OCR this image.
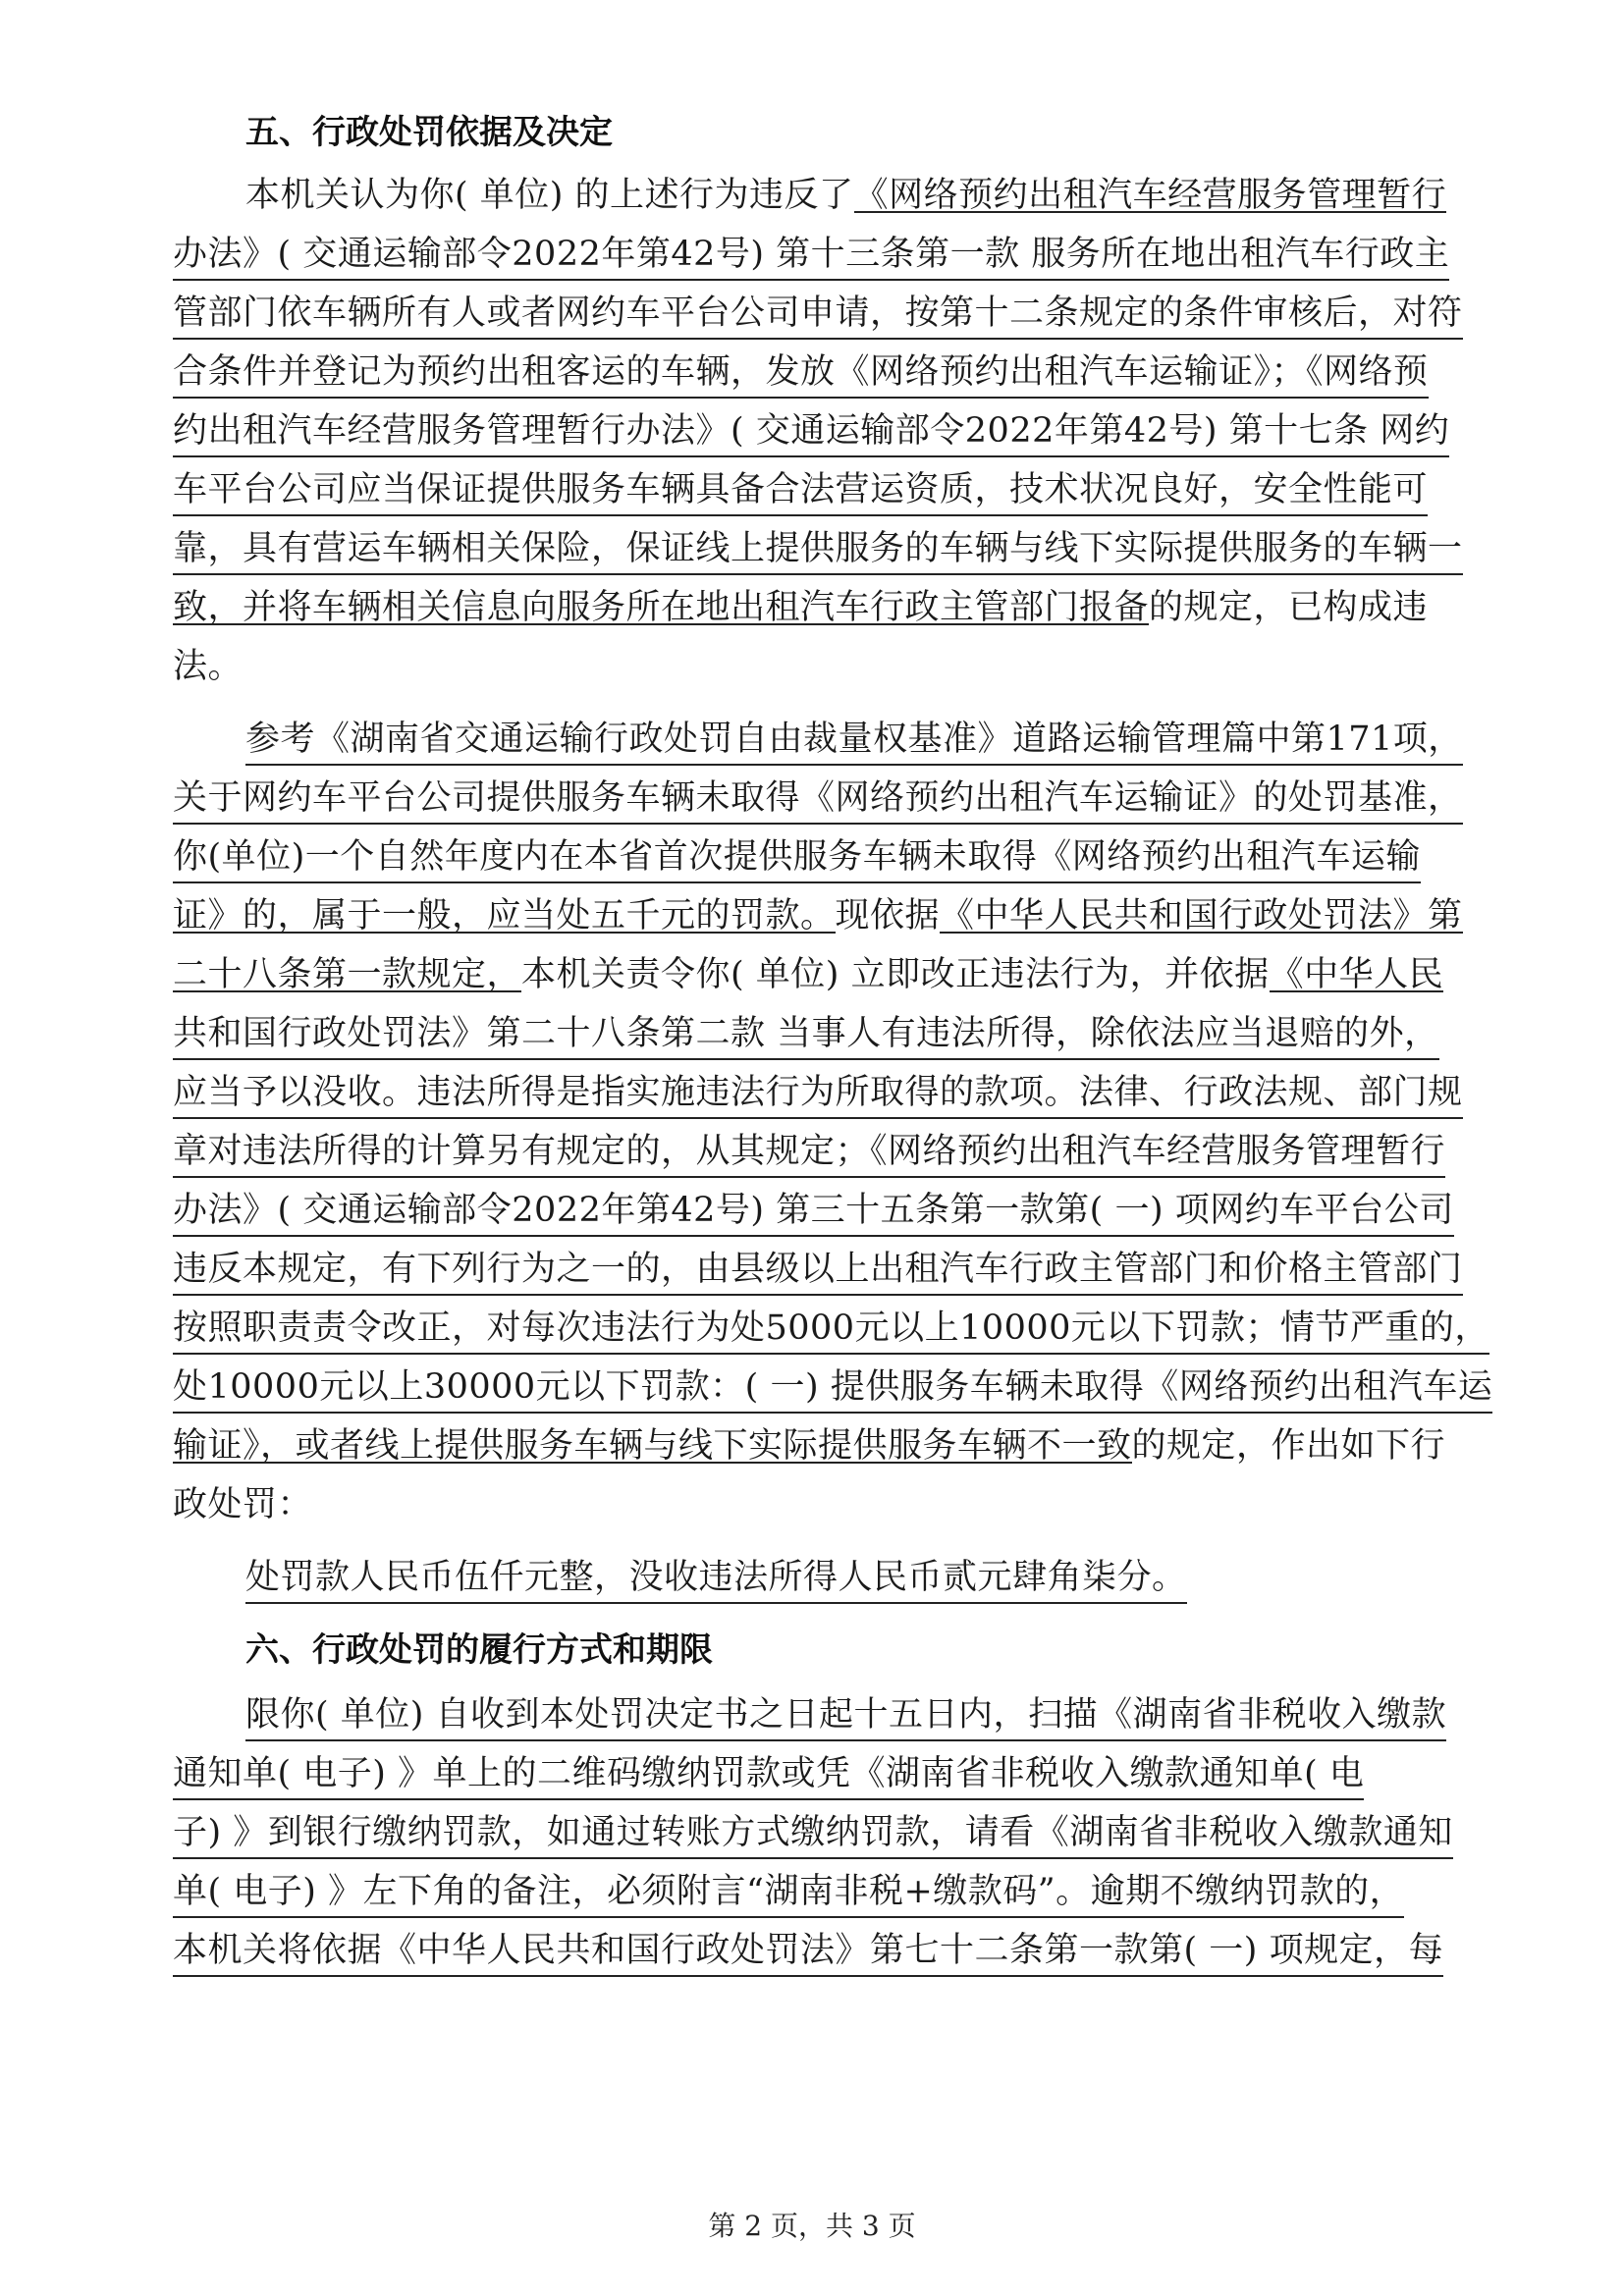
五、行政处罚依据及决定
本机关认为你( 单位) 的上述行为违反了《网络预约出租汽车经营服务管理暂行
办法》( 交通运输部令2022年第42号) 第十三条第一款 服务所在地出租汽车行政主
管部门依车辆所有人或者网约车平台公司申请，按第十二条规定的条件审核后，对符
合条件并登记为预约出租客运的车辆，发放《网络预约出租汽车运输证》；《网络预
约出租汽车经营服务管理暂行办法》( 交通运输部令2022年第42号) 第十七条 网约
车平台公司应当保证提供服务车辆具备合法营运资质，技术状况良好，安全性能可
靠，具有营运车辆相关保险，保证线上提供服务的车辆与线下实际提供服务的车辆一
致，并将车辆相关信息向服务所在地出租汽车行政主管部门报备的规定，已构成违
法。
参考《湖南省交通运输行政处罚自由裁量权基准》道路运输管理篇中第171项，
关于网约车平台公司提供服务车辆未取得《网络预约出租汽车运输证》的处罚基准，
你(单位)一个自然年度内在本省首次提供服务车辆未取得《网络预约出租汽车运输
证》的，属于一般，应当处五千元的罚款。现依据《中华人民共和国行政处罚法》第
二十八条第一款规定，本机关责令你( 单位) 立即改正违法行为，并依据《中华人民
共和国行政处罚法》第二十八条第二款 当事人有违法所得，除依法应当退赔的外，
应当予以没收。违法所得是指实施违法行为所取得的款项。法律、行政法规、部门规
章对违法所得的计算另有规定的，从其规定；《网络预约出租汽车经营服务管理暂行
办法》( 交通运输部令2022年第42号) 第三十五条第一款第( 一) 项网约车平台公司
违反本规定，有下列行为之一的，由县级以上出租汽车行政主管部门和价格主管部门
按照职责责令改正，对每次违法行为处5000元以上10000元以下罚款；情节严重的，
处10000元以上30000元以下罚款：( 一) 提供服务车辆未取得《网络预约出租汽车运
输证》，或者线上提供服务车辆与线下实际提供服务车辆不一致的规定，作出如下行
政处罚：
处罚款人民币伍仟元整，没收违法所得人民币贰元肆角柒分。
六、行政处罚的履行方式和期限
限你( 单位) 自收到本处罚决定书之日起十五日内，扫描《湖南省非税收入缴款
通知单( 电子) 》单上的二维码缴纳罚款或凭《湖南省非税收入缴款通知单( 电
子) 》到银行缴纳罚款，如通过转账方式缴纳罚款，请看《湖南省非税收入缴款通知
单( 电子) 》左下角的备注，必须附言“湖南非税+缴款码”。逾期不缴纳罚款的，
本机关将依据《中华人民共和国行政处罚法》第七十二条第一款第( 一) 项规定，每
第 2 页，共 3 页
